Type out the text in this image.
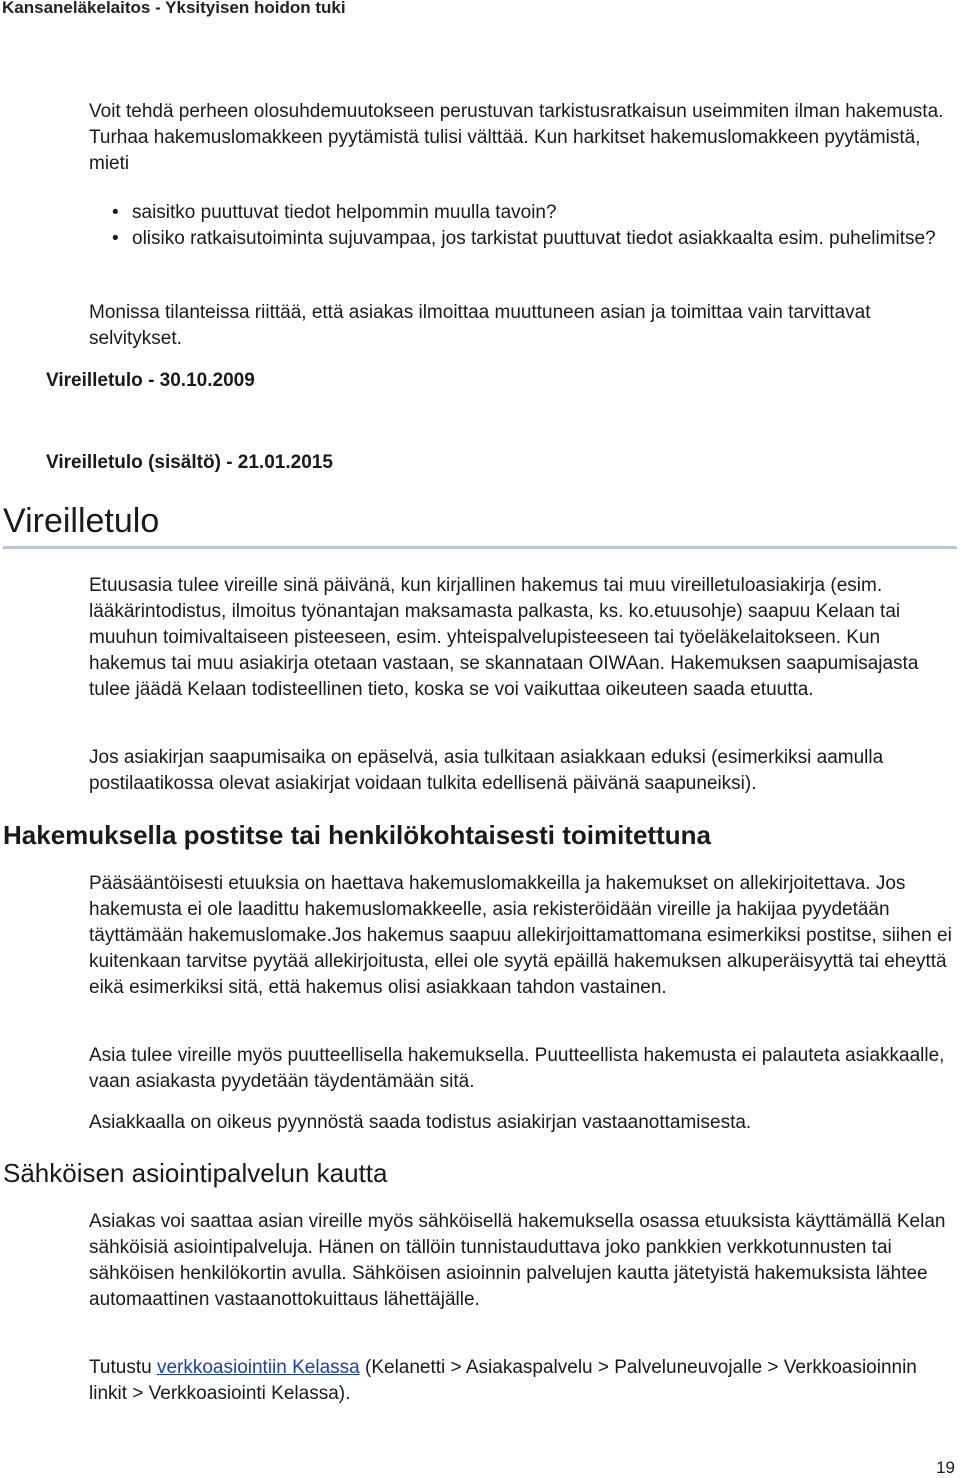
Kansaneläkelaitos - Yksityisen hoidon tuki

Voit tehdä perheen olosuhdemuutokseen perustuvan tarkistusratkaisun useimmiten ilman hakemusta. Turhaa hakemuslomakkeen pyytämistä tulisi välttää. Kun harkitset hakemuslomakkeen pyytämistä, mieti

• saisitko puuttuvat tiedot helpommin muulla tavoin?
• olisiko ratkaisutoiminta sujuvampaa, jos tarkistat puuttuvat tiedot asiakkaalta esim. puhelimitse?

Monissa tilanteissa riittää, että asiakas ilmoittaa muuttuneen asian ja toimittaa vain tarvittavat selvitykset.

Vireilletulo - 30.10.2009
Vireilletulo (sisältö) - 21.01.2015
Vireilletulo

Etuusasia tulee vireille sinä päivänä, kun kirjallinen hakemus tai muu vireilletuloasiakirja (esim. lääkärintodistus, ilmoitus työnantajan maksamasta palkasta, ks. ko.etuusohje) saapuu Kelaan tai muuhun toimivaltaiseen pisteeseen, esim. yhteispalvelupisteeseen tai työeläkelaitokseen. Kun hakemus tai muu asiakirja otetaan vastaan, se skannataan OIWAan. Hakemuksen saapumisajasta tulee jäädä Kelaan todisteellinen tieto, koska se voi vaikuttaa oikeuteen saada etuutta.

Jos asiakirjan saapumisaika on epäselvä, asia tulkitaan asiakkaan eduksi (esimerkiksi aamulla postilaatikossa olevat asiakirjat voidaan tulkita edellisenä päivänä saapuneiksi).

Hakemuksella postitse tai henkilökohtaisesti toimitettuna

Pääsääntöisesti etuuksia on haettava hakemuslomakkeilla ja hakemukset on allekirjoitettava. Jos hakemusta ei ole laadittu hakemuslomakkeelle, asia rekisteröidään vireille ja hakijaa pyydetään täyttämään hakemuslomake.Jos hakemus saapuu allekirjoittamattomana esimerkiksi postitse, siihen ei kuitenkaan tarvitse pyytää allekirjoitusta, ellei ole syytä epäillä hakemuksen alkuperäisyyttä tai eheyttä eikä esimerkiksi sitä, että hakemus olisi asiakkaan tahdon vastainen.

Asia tulee vireille myös puutteellisella hakemuksella. Puutteellista hakemusta ei palauteta asiakkaalle, vaan asiakasta pyydetään täydentämään sitä.

Asiakkaalla on oikeus pyynnöstä saada todistus asiakirjan vastaanottamisesta.

Sähköisen asiointipalvelun kautta

Asiakas voi saattaa asian vireille myös sähköisellä hakemuksella osassa etuuksista käyttämällä Kelan sähköisiä asiointipalveluja. Hänen on tällöin tunnistauduttava joko pankkien verkkotunnusten tai sähköisen henkilökortin avulla. Sähköisen asioinnin palvelujen kautta jätetyistä hakemuksista lähtee automaattinen vastaanottokuittaus lähettäjälle.

Tutustu verkkoasiointiin Kelassa (Kelanetti > Asiakaspalvelu > Palveluneuvojalle > Verkkoasioinnin linkit > Verkkoasiointi Kelassa).

19
